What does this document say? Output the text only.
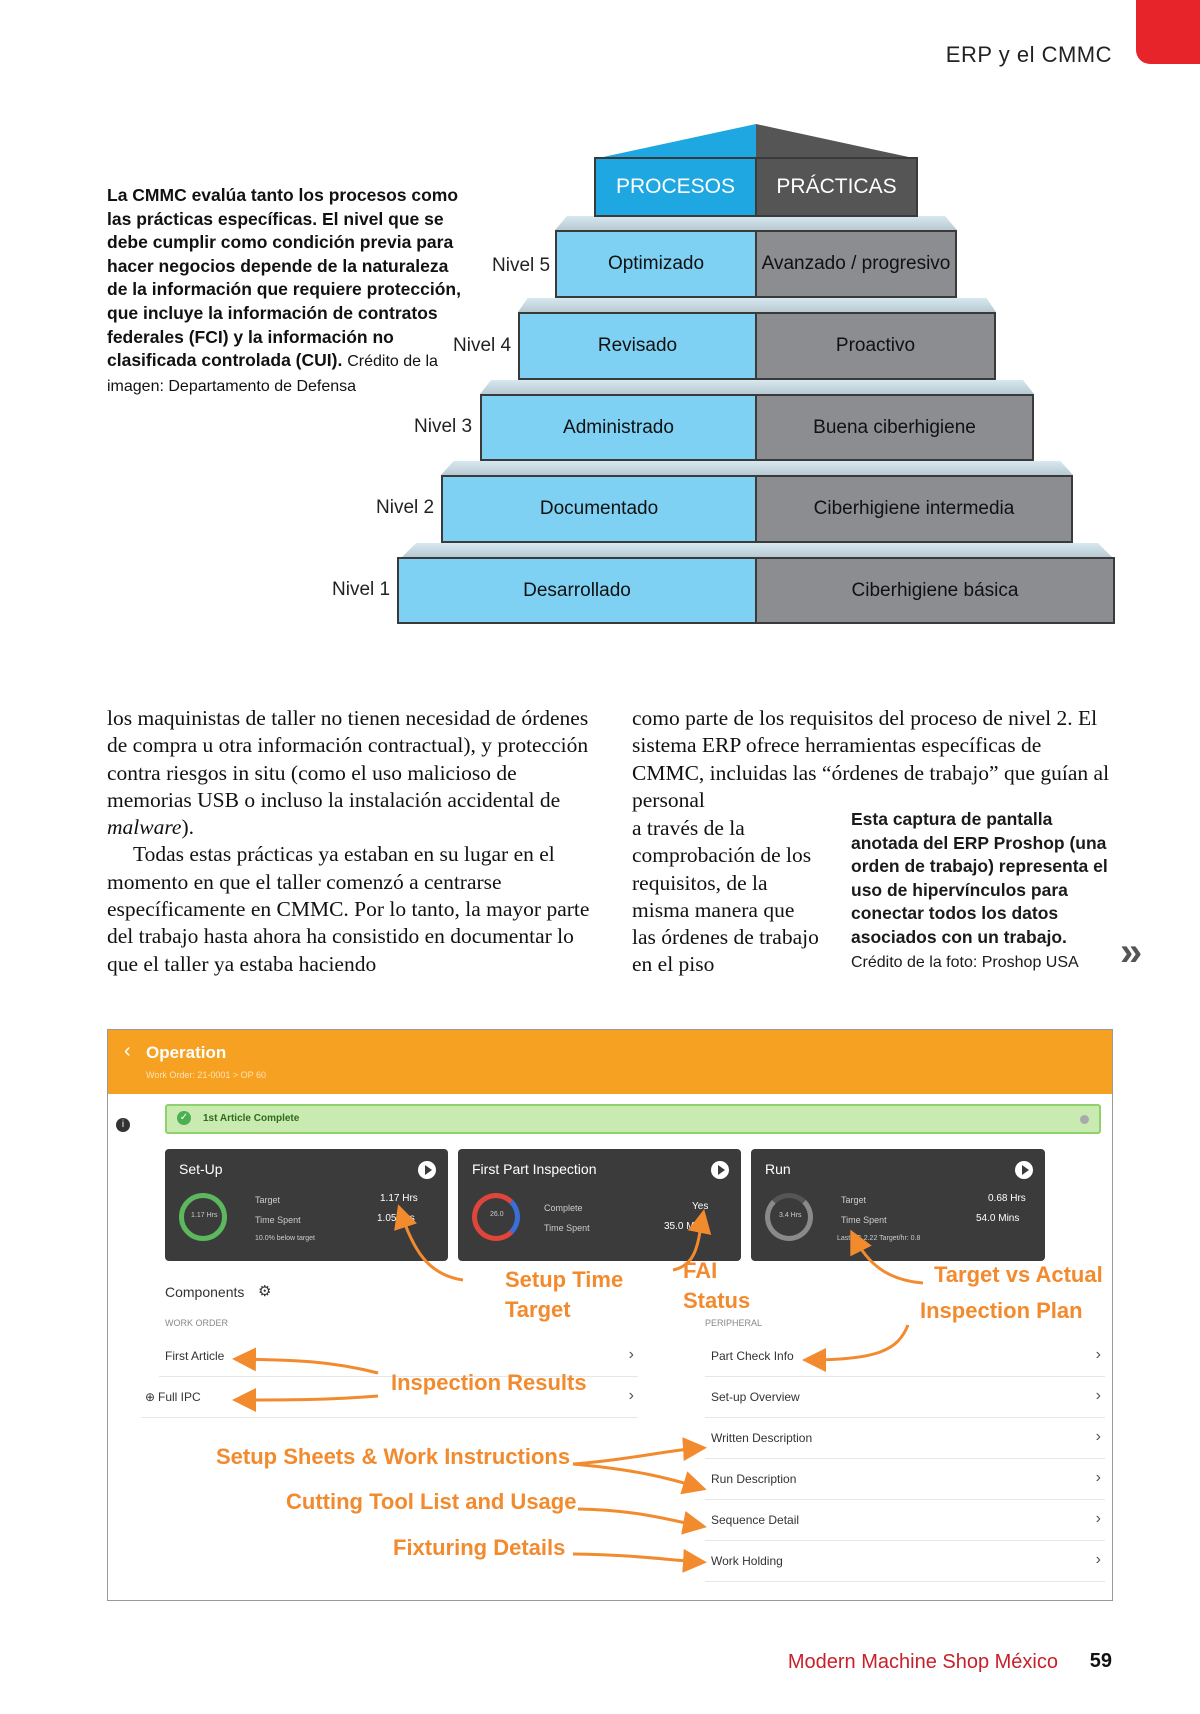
ERP y el CMMC
La CMMC evalúa tanto los procesos como las prácticas específicas. El nivel que se debe cumplir como condición previa para hacer negocios depende de la naturaleza de la información que requiere protección, que incluye la información de contratos federales (FCI) y la información no clasificada controlada (CUI). Crédito de la imagen: Departamento de Defensa
PROCESOS	PRÁCTICAS
Nivel 5	Optimizado	Avanzado / progresivo
Nivel 4	Revisado	Proactivo
Nivel 3	Administrado	Buena ciberhigiene
Nivel 2	Documentado	Ciberhigiene intermedia
Nivel 1	Desarrollado	Ciberhigiene básica
los maquinistas de taller no tienen necesidad de órdenes de compra u otra información contractual), y protección contra riesgos in situ (como el uso malicioso de memorias USB o incluso la instalación accidental de malware).
Todas estas prácticas ya estaban en su lugar en el momento en que el taller comenzó a centrarse específicamente en CMMC. Por lo tanto, la mayor parte del trabajo hasta ahora ha consistido en documentar lo que el taller ya estaba haciendo
como parte de los requisitos del proceso de nivel 2. El sistema ERP ofrece herramientas específicas de CMMC, incluidas las “órdenes de trabajo” que guían al personal
a través de la comprobación de los requisitos, de la misma manera que las órdenes de trabajo en el piso
Esta captura de pantalla anotada del ERP Proshop (una orden de trabajo) representa el uso de hipervínculos para conectar todos los datos asociados con un trabajo.
Crédito de la foto: Proshop USA	»
‹ Operation
Work Order: 21-0001 > OP 60
i
✓ 1st Article Complete
Set-Up
1.17 Hrs
Target	1.17 Hrs
Time Spent	1.05 Hrs
10.0% below target
First Part Inspection
26.0
Complete	Yes
Time Spent	35.0 Mins
Run
3.4 Hrs
Target	0.68 Hrs
Time Spent	54.0 Mins
Last TT: 2.22 Target/hr: 0.8
Components ⚙
WORK ORDER	PERIPHERAL
First Article	›
⊕ Full IPC	›
Part Check Info	›
Set-up Overview	›
Written Description	›
Run Description	›
Sequence Detail	›
Work Holding	›
Setup Time
Target
FAI
Status
Target vs Actual
Inspection Plan
Inspection Results
Setup Sheets & Work Instructions
Cutting Tool List and Usage
Fixturing Details
Modern Machine Shop México 59
